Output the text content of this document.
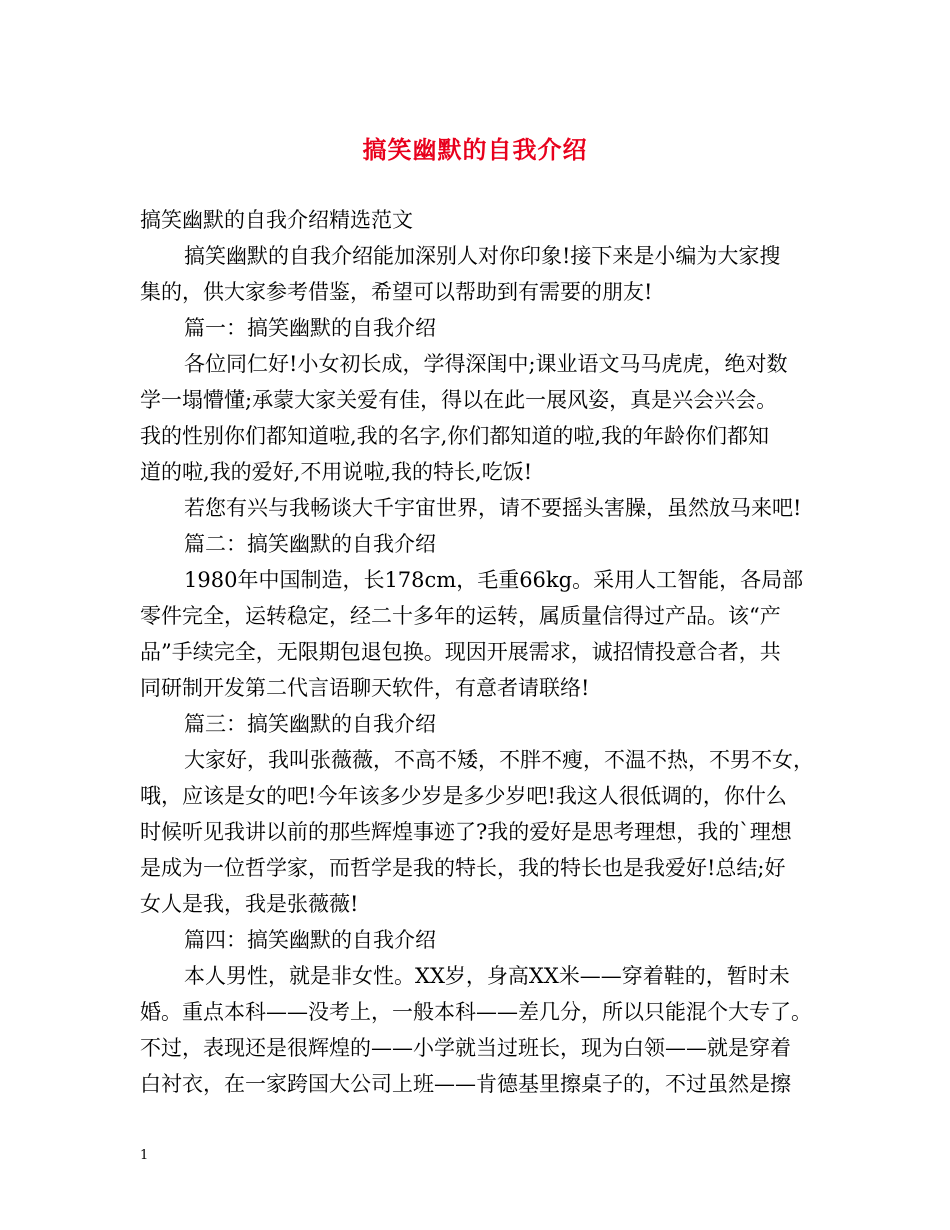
搞笑幽默的自我介绍
搞笑幽默的自我介绍精选范文
搞笑幽默的自我介绍能加深别人对你印象!接下来是小编为大家搜
集的，供大家参考借鉴，希望可以帮助到有需要的朋友!
篇一：搞笑幽默的自我介绍
各位同仁好!小女初长成，学得深闺中;课业语文马马虎虎，绝对数
学一塌懵懂;承蒙大家关爱有佳，得以在此一展风姿，真是兴会兴会。
我的性别你们都知道啦,我的名字,你们都知道的啦,我的年龄你们都知
道的啦,我的爱好,不用说啦,我的特长,吃饭!
若您有兴与我畅谈大千宇宙世界，请不要摇头害臊，虽然放马来吧!
篇二：搞笑幽默的自我介绍
1980年中国制造，长178cm，毛重66kg。采用人工智能，各局部
零件完全，运转稳定，经二十多年的运转，属质量信得过产品。该“产
品”手续完全，无限期包退包换。现因开展需求，诚招情投意合者，共
同研制开发第二代言语聊天软件，有意者请联络!
篇三：搞笑幽默的自我介绍
大家好，我叫张薇薇，不高不矮，不胖不瘦，不温不热，不男不女，
哦，应该是女的吧!今年该多少岁是多少岁吧!我这人很低调的，你什么
时候听见我讲以前的那些辉煌事迹了?我的爱好是思考理想，我的`理想
是成为一位哲学家，而哲学是我的特长，我的特长也是我爱好!总结;好
女人是我，我是张薇薇!
篇四：搞笑幽默的自我介绍
本人男性，就是非女性。XX岁，身高XX米——穿着鞋的，暂时未
婚。重点本科——没考上，一般本科——差几分，所以只能混个大专了。
不过，表现还是很辉煌的——小学就当过班长，现为白领——就是穿着
白衬衣，在一家跨国大公司上班——肯德基里擦桌子的，不过虽然是擦
1
